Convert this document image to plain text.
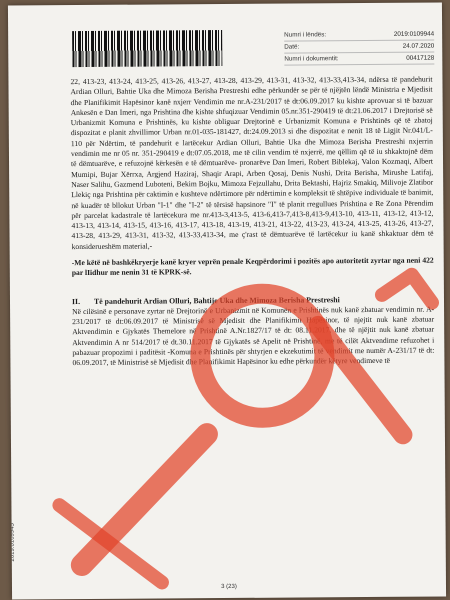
Numri i lëndës:	2019:0109944
Datë:	24.07.2020
Numri i dokumentit:	00417128

22, 413-23, 413-24, 413-25, 413-26, 413-27, 413-28, 413-29, 413-31, 413-32, 413-33,413-34, ndërsa të pandehurit Ardian Olluri, Bahtie Uka dhe Mimoza Berisha Prestreshi edhe përkundër se për të njëjtën lëndë Ministria e Mjedisit dhe Planifikimit Hapësinor kanë nxjerr Vendimin me nr.A-231/2017 të dt:06.09.2017 ku kishte aprovuar si të bazuar Ankesën e Dan Imeri, nga Prishtina dhe kishte shfuqizuar Vendimin 05.nr.351-290419 të dt:21.06.2017 i Drejtorisë së Urbanizmit Komuna e Prishtinës, ku kishte obliguar Drejtorinë e Urbanizmit Komuna e Prishtinës që të zbatoj dispozitat e planit zhvillimor Urban nr.01-035-181427, dt:24.09.2013 si dhe dispozitat e nenit 18 të Ligjit Nr.041/L-110 për Ndërtim, të pandehurit e lartëcekur Ardian Olluri, Bahtie Uka dhe Mimoza Berisha Prestreshi nxjerrin vendimin me nr 05 nr. 351-290419 e dt:07.05.2018, me të cilin vendim të nxjerrë, me qëllim që të iu shkaktojnë dëm të dëmtuarëve, e refuzojnë kërkesën e të dëmtuarëve- pronarëve Dan Imeri, Robert Biblekaj, Valon Kozmaqi, Albert Mumipi, Bujar Xërrxa, Argjend Haziraj, Shaqir Arapi, Arben Qosaj, Denis Nushi, Drita Berisha, Mirushe Latifaj, Naser Salihu, Gazmend Luboteni, Bekim Bojku, Mimoza Fejzullahu, Drita Bektashi, Hajriz Smakiq, Milivoje Zlatibor Llekiç nga Prishtina për caktimin e kushteve ndërtimore për ndërtimin e kompleksit të shtëpive individuale të banimit, në kuadër të bllokut Urban "I-1" dhe "I-2" të tërsisë hapsinore "I" të planit rregullues Prishtina e Re Zona Përendim për parcelat kadastrale të lartëcekura me nr.413-3,413-5, 413-6,413-7,413-8,413-9,413-10, 413-11, 413-12, 413-12, 413-13, 413-14, 413-15, 413-16, 413-17, 413-18, 413-19, 413-21, 413-22, 413-23, 413-24, 413-25, 413-26, 413-27, 413-28, 413-29, 413-31, 413-32, 413-33,413-34, me ç'rast të dëmtuarëve të lartëcekur iu kanë shkaktuar dëm të konsiderueshëm material,-

-Me këtë në bashkëkryerje kanë kryer veprën penale Keqpërdorimi i pozitës apo autoritetit zyrtar nga neni 422 par lIidhur me nenin 31 të KPRK-së.

II. Të pandehurit Ardian Olluri, Bahtije Uka dhe Mimoza Berisha Prestreshi

Në cilësinë e personave zyrtar në Drejtorinë e Urbanizmit në Komunën e Prishtinës nuk kanë zbatuar vendimin nr. A-231/2017 të dt:06.09.2017 të Ministrisë së Mjedisit dhe Planifikimit Hapësinor, të njejtit nuk kanë zbatuar Aktvendimin e Gjykatës Themelore në Prishtinë A.Nr.1827/17 të dt: 08.11.2017, dhe të njëjtit nuk kanë zbatuar Aktvendimin A nr 514/2017 të dt.30.11.2017 të Gjykatës së Apelit në Prishtinë, me të cilët Aktvendime refuzohet i pabazuar propozimi i paditësit -Komuna e Prishtinës për shtyrjen e ekzekutimit të vendimit me numër A-231/17 të dt: 06.09.2017, të Ministrisë së Mjedisit dhe Planifikimit Hapësinor ku edhe përkundër këtyre vendimeve të

3 (23)
2019:0109945
